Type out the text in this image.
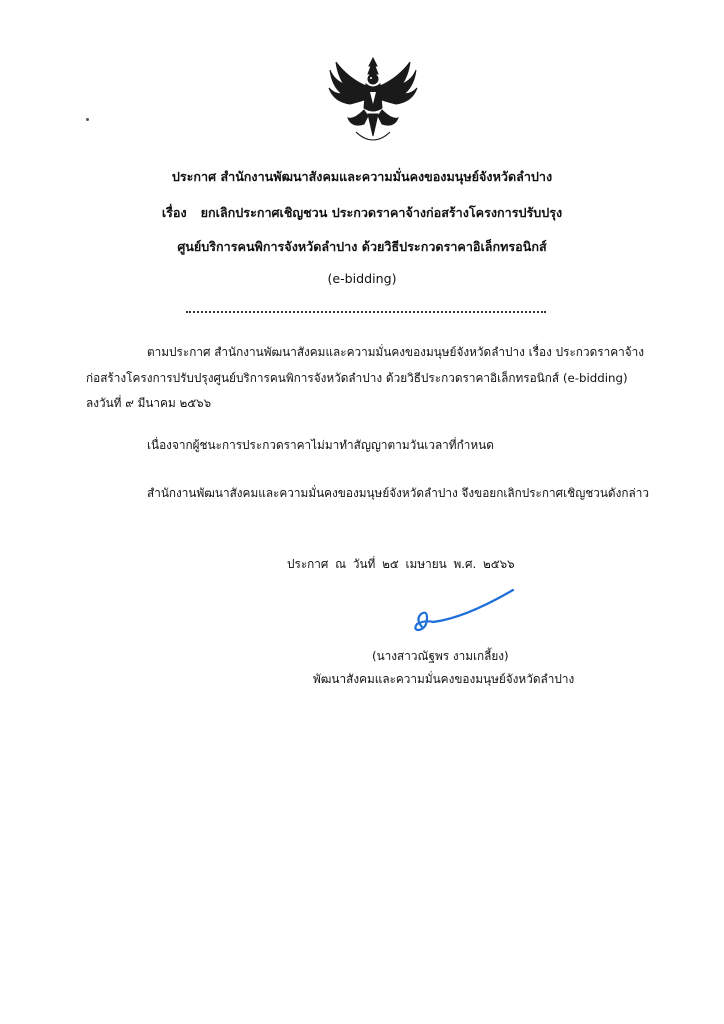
ประกาศ สำนักงานพัฒนาสังคมและความมั่นคงของมนุษย์จังหวัดลำปาง
เรื่อง ยกเลิกประกาศเชิญชวน ประกวดราคาจ้างก่อสร้างโครงการปรับปรุง
ศูนย์บริการคนพิการจังหวัดลำปาง ด้วยวิธีประกวดราคาอิเล็กทรอนิกส์
(e-bidding)
ตามประกาศ สำนักงานพัฒนาสังคมและความมั่นคงของมนุษย์จังหวัดลำปาง เรื่อง ประกวดราคาจ้าง
ก่อสร้างโครงการปรับปรุงศูนย์บริการคนพิการจังหวัดลำปาง ด้วยวิธีประกวดราคาอิเล็กทรอนิกส์ (e-bidding)
ลงวันที่ ๙ มีนาคม ๒๕๖๖
เนื่องจากผู้ชนะการประกวดราคาไม่มาทำสัญญาตามวันเวลาที่กำหนด
สำนักงานพัฒนาสังคมและความมั่นคงของมนุษย์จังหวัดลำปาง จึงขอยกเลิกประกาศเชิญชวนดังกล่าว
ประกาศ ณ วันที่ ๒๕ เมษายน พ.ศ. ๒๕๖๖
(นางสาวณัฐพร งามเกลี้ยง)
พัฒนาสังคมและความมั่นคงของมนุษย์จังหวัดลำปาง
